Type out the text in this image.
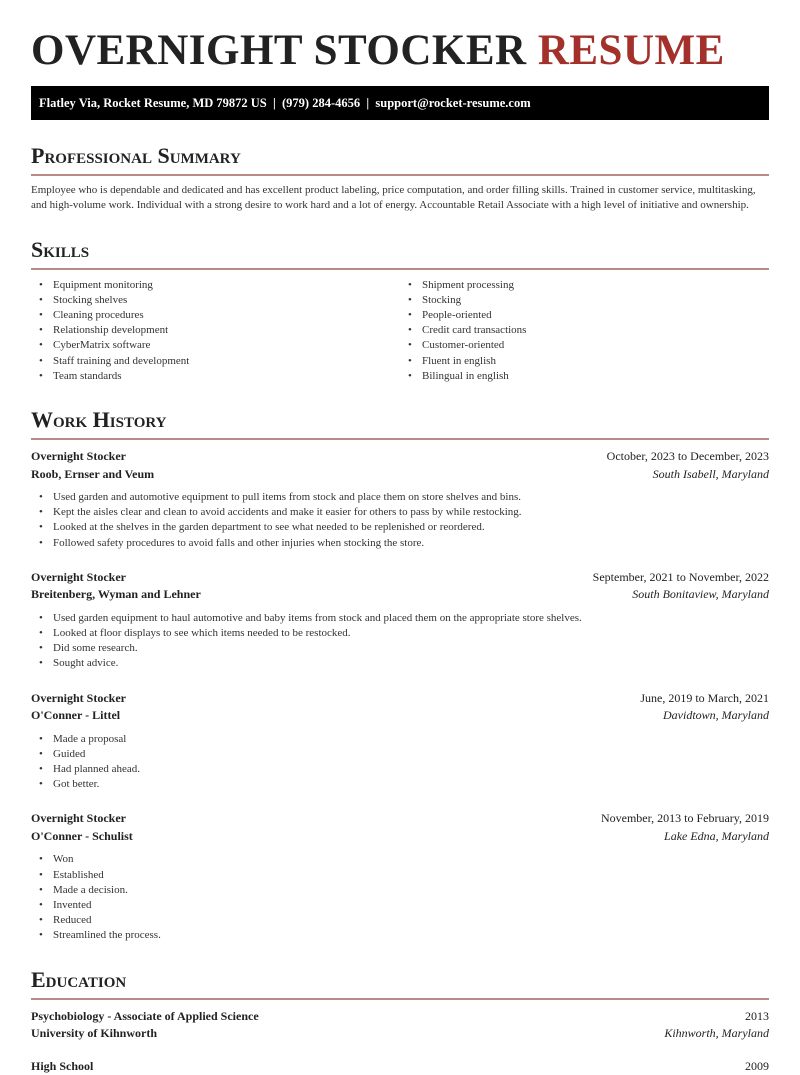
OVERNIGHT STOCKER RESUME
Flatley Via, Rocket Resume, MD 79872 US | (979) 284-4656 | support@rocket-resume.com
Professional Summary

Employee who is dependable and dedicated and has excellent product labeling, price computation, and order filling skills. Trained in customer service, multitasking, and high-volume work. Individual with a strong desire to work hard and a lot of energy. Accountable Retail Associate with a high level of initiative and ownership.

Skills
• Equipment monitoring
• Stocking shelves
• Cleaning procedures
• Relationship development
• CyberMatrix software
• Staff training and development
• Team standards
• Shipment processing
• Stocking
• People-oriented
• Credit card transactions
• Customer-oriented
• Fluent in english
• Bilingual in english
Work History
Overnight Stocker	October, 2023 to December, 2023
Roob, Ernser and Veum	South Isabell, Maryland
• Used garden and automotive equipment to pull items from stock and place them on store shelves and bins.
• Kept the aisles clear and clean to avoid accidents and make it easier for others to pass by while restocking.
• Looked at the shelves in the garden department to see what needed to be replenished or reordered.
• Followed safety procedures to avoid falls and other injuries when stocking the store.
Overnight Stocker	September, 2021 to November, 2022
Breitenberg, Wyman and Lehner	South Bonitaview, Maryland
• Used garden equipment to haul automotive and baby items from stock and placed them on the appropriate store shelves.
• Looked at floor displays to see which items needed to be restocked.
• Did some research.
• Sought advice.
Overnight Stocker	June, 2019 to March, 2021
O'Conner - Littel	Davidtown, Maryland
• Made a proposal
• Guided
• Had planned ahead.
• Got better.
Overnight Stocker	November, 2013 to February, 2019
O'Conner - Schulist	Lake Edna, Maryland
• Won
• Established
• Made a decision.
• Invented
• Reduced
• Streamlined the process.
Education
Psychobiology - Associate of Applied Science	2013
University of Kihnworth	Kihnworth, Maryland
High School	2009
